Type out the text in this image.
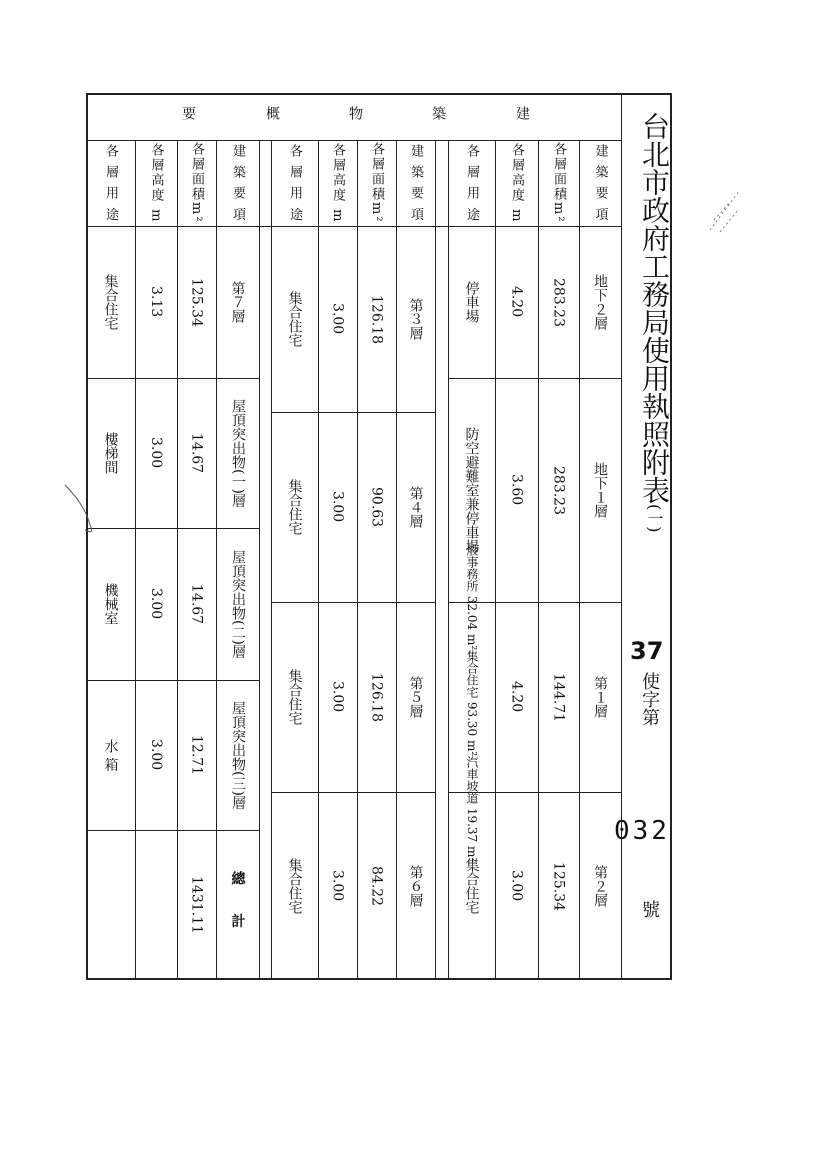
台北市政府工務局使用執照附表(一)
37
使字第
032
號
建
築
物
概
要
建 築 要 項
各層面積m²
各層高度 m
各 層 用 途
地下２層
283.23
4.20
停車場
地下１層
283.23
3.60
防空避難室兼停車場
第１層
144.71
4.20
一般事務所 32.04 m²
集合住宅 93.30 m²
汽車坡道 19.37 m²
第２層
125.34
3.00
集合住宅
建 築 要 項
各層面積m²
各層高度 m
各 層 用 途
第３層
126.18
3.00
集合住宅
第４層
90.63
3.00
集合住宅
第５層
126.18
3.00
集合住宅
第６層
84.22
3.00
集合住宅
建 築 要 項
各層面積m²
各層高度 m
各 層 用 途
第７層
125.34
3.13
集合住宅
屋頂突出
物(一)層
14.67
3.00
樓梯間
屋頂突出
物(二)層
14.67
3.00
機械室
屋頂突出
物(三)層
12.71
3.00
水 箱
總 計
1431.11
